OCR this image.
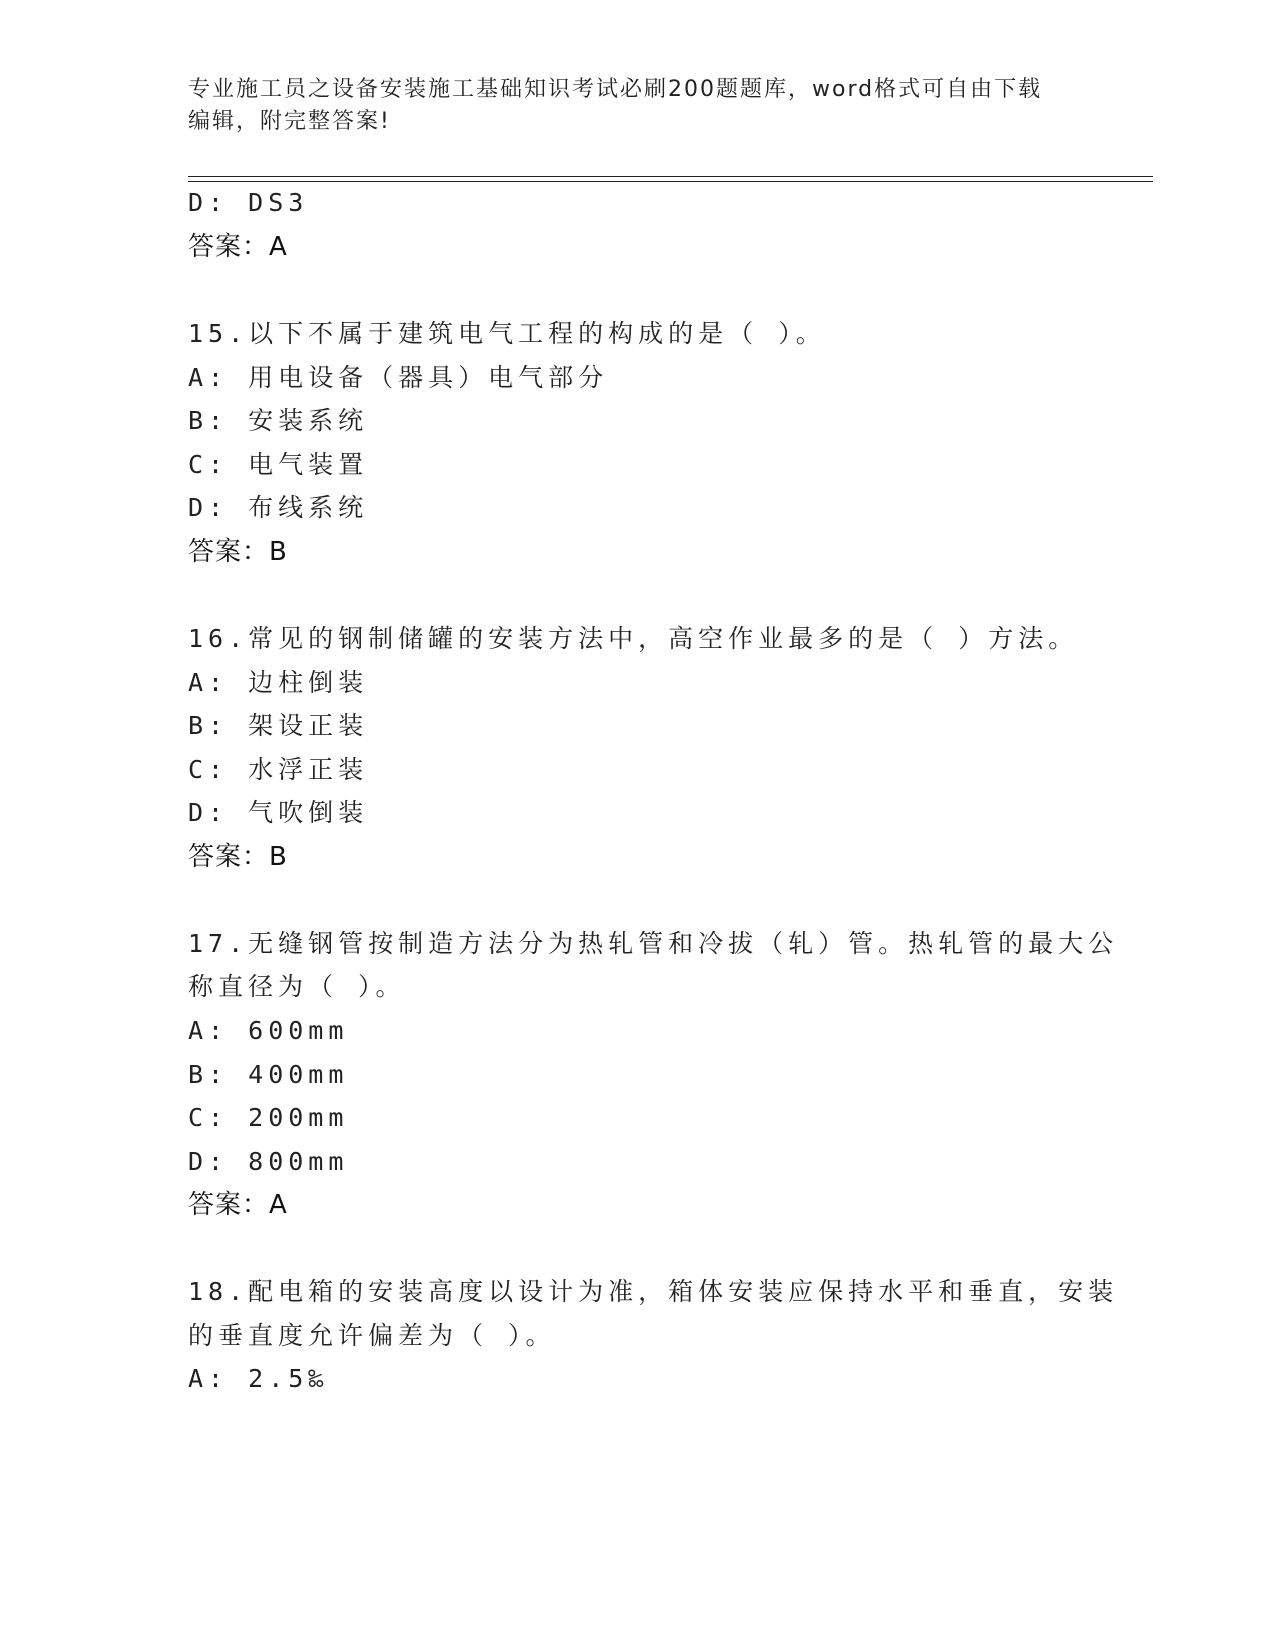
专业施工员之设备安装施工基础知识考试必刷200题题库，word格式可自由下载
编辑，附完整答案!
D: DS3
答案：A
15.以下不属于建筑电气工程的构成的是（ ）。
A: 用电设备（器具）电气部分
B: 安装系统
C: 电气装置
D: 布线系统
答案：B
16.常见的钢制储罐的安装方法中，高空作业最多的是（ ）方法。
A: 边柱倒装
B: 架设正装
C: 水浮正装
D: 气吹倒装
答案：B
17.无缝钢管按制造方法分为热轧管和冷拔（轧）管。热轧管的最大公
称直径为（ ）。
A: 600mm
B: 400mm
C: 200mm
D: 800mm
答案：A
18.配电箱的安装高度以设计为准，箱体安装应保持水平和垂直，安装
的垂直度允许偏差为（ ）。
A: 2.5‰
